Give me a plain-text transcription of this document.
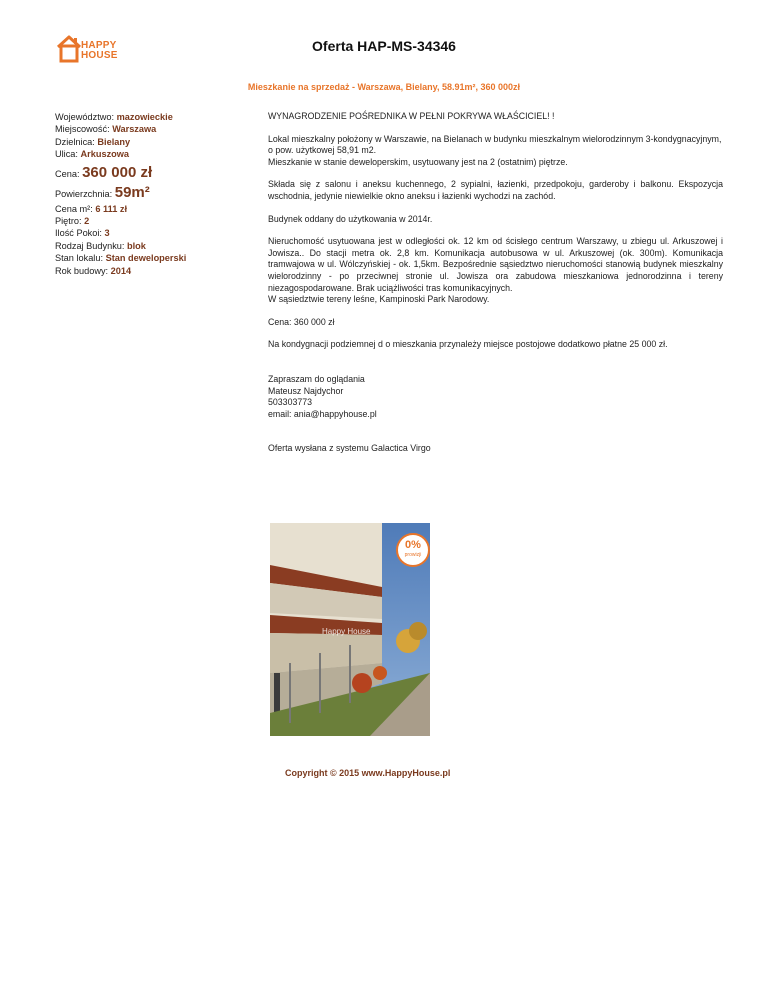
HAPPY
HOUSE
Oferta HAP-MS-34346
Mieszkanie na sprzedaż - Warszawa, Bielany, 58.91m², 360 000zł
Województwo: mazowieckie
Miejscowość: Warszawa
Dzielnica: Bielany
Ulica: Arkuszowa
Cena: 360 000 zł
Powierzchnia: 59m²
Cena m²: 6 111 zł
Piętro: 2
Ilość Pokoi: 3
Rodzaj Budynku: blok
Stan lokalu: Stan deweloperski
Rok budowy: 2014

WYNAGRODZENIE POŚREDNIKA W PEŁNI POKRYWA WŁAŚCICIEL! !

Lokal mieszkalny położony w Warszawie, na Bielanach w budynku mieszkalnym wielorodzinnym 3-kondygnacyjnym, o pow. użytkowej 58,91 m2.
Mieszkanie w stanie deweloperskim, usytuowany jest na 2 (ostatnim) piętrze.

Składa się z salonu i aneksu kuchennego, 2 sypialni, łazienki, przedpokoju, garderoby i balkonu. Ekspozycja wschodnia, jedynie niewielkie okno aneksu i łazienki wychodzi na zachód.

Budynek oddany do użytkowania w 2014r.

Nieruchomość usytuowana jest w odległości ok. 12 km od ścisłego centrum Warszawy, u zbiegu ul. Arkuszowej i Jowisza.. Do stacji metra ok. 2,8 km. Komunikacja autobusowa w ul. Arkuszowej (ok. 300m). Komunikacja tramwajowa w ul. Wólczyńskiej - ok. 1,5km. Bezpośrednie sąsiedztwo nieruchomości stanowią budynek mieszkalny wielorodzinny - po przeciwnej stronie ul. Jowisza ora zabudowa mieszkaniowa jednorodzinna i tereny niezagospodarowane. Brak uciążliwości tras komunikacyjnych.
W sąsiedztwie tereny leśne, Kampinoski Park Narodowy.

Cena: 360 000 zł

Na kondygnacji podziemnej d o mieszkania przynależy miejsce postojowe dodatkowo płatne 25 000 zł.

Zapraszam do oglądania
Mateusz Najdychor
503303773
email: ania@happyhouse.pl

Oferta wysłana z systemu Galactica Virgo

0%
prowizji
Happy House
Copyright © 2015 www.HappyHouse.pl
